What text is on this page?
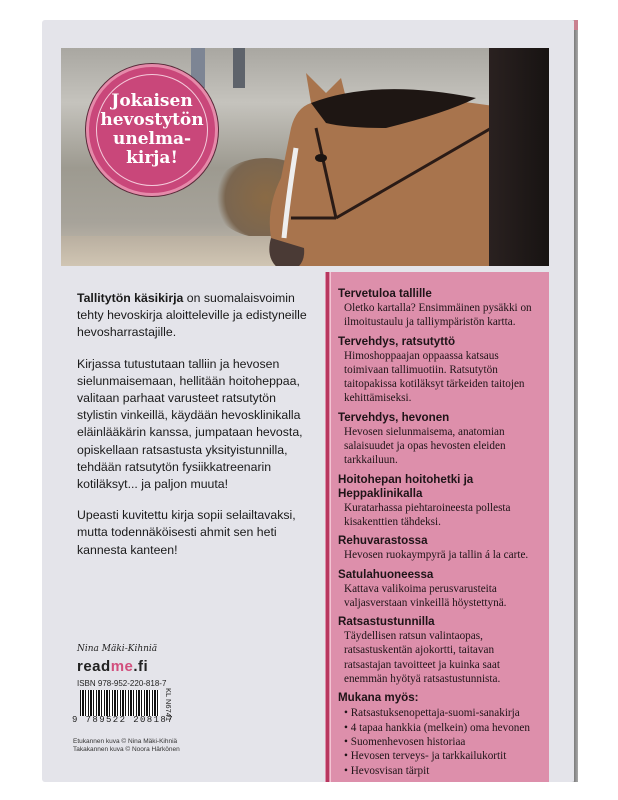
Jokaisen
hevostytön
unelma-
kirja!

Tallitytön käsikirja on suomalaisvoimin tehty hevoskirja aloitteleville ja edistyneille hevosharrastajille.

Kirjassa tutustutaan talliin ja hevosen sielunmaisemaan, hellitään hoitoheppaa, valitaan parhaat varusteet ratsutytön stylistin vinkeillä, käydään hevosklinikalla eläinlääkärin kanssa, jumpataan hevosta, opiskellaan ratsastusta yksityistunnilla, tehdään ratsutytön fysiikkatreenarin kotiläksyt... ja paljon muuta!

Upeasti kuvitettu kirja sopii selailtavaksi, mutta todennäköisesti ahmit sen heti kannesta kanteen!

Tervetuloa tallille

Oletko kartalla? Ensimmäinen pysäkki on ilmoitustaulu ja talliympäristön kartta.

Tervehdys, ratsutyttö

Himoshoppaajan oppaassa katsaus toimivaan tallimuotiin. Ratsutytön taitopakissa kotiläksyt tärkeiden taitojen kehittämiseksi.

Tervehdys, hevonen

Hevosen sielunmaisema, anatomian salaisuudet ja opas hevosten eleiden tarkkailuun.

Hoitohepan hoitohetki ja Heppaklinikalla

Kuratarhassa piehtaroineesta pollesta kisakenttien tähdeksi.

Rehuvarastossa

Hevosen ruokaympyrä ja tallin á la carte.

Satulahuoneessa

Kattava valikoima perusvarusteita valjasverstaan vinkeillä höystettynä.

Ratsastustunnilla

Täydellisen ratsun valintaopas, ratsastuskentän ajokortti, taitavan ratsastajan tavoitteet ja kuinka saat enemmän hyötyä ratsastustunnista.

Mukana myös:
• Ratsastuksenopettaja-suomi-sanakirja
• 4 tapaa hankkia (melkein) oma hevonen
• Suomenhevosen historiaa
• Hevosen terveys- ja tarkkailukortit
• Hevosvisan tärpit
Nina Mäki-Kihniä
readme.fi
ISBN 978-952-220-818-7
9 789522 208187
KL N6741
Etukannen kuva © Nina Mäki-Kihniä
Takakannen kuva © Noora Härkönen
